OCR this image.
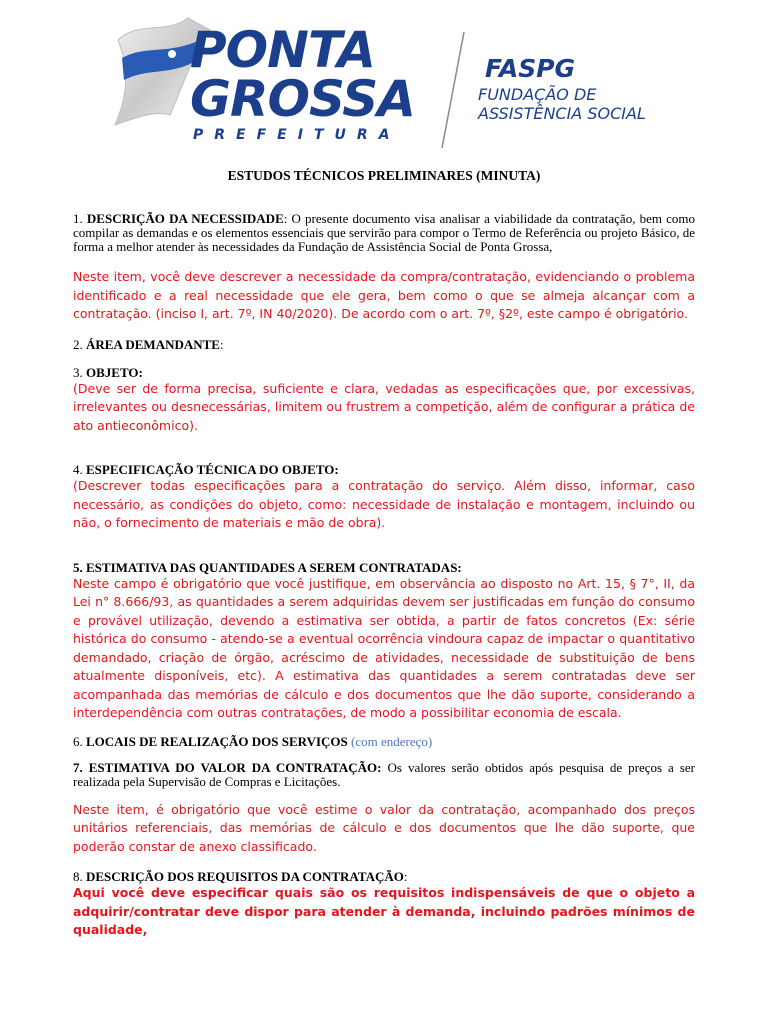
PONTA
GROSSA
PREFEITURA
FASPG
FUNDAÇÃO DE
ASSISTÊNCIA SOCIAL
ESTUDOS TÉCNICOS PRELIMINARES (MINUTA)
1. DESCRIÇÃO DA NECESSIDADE: O presente documento visa analisar a viabilidade da contratação, bem como compilar as demandas e os elementos essenciais que servirão para compor o Termo de Referência ou projeto Básico, de forma a melhor atender às necessidades da Fundação de Assistência Social de Ponta Grossa,
Neste item, você deve descrever a necessidade da compra/contratação, evidenciando o problema identificado e a real necessidade que ele gera, bem como o que se almeja alcançar com a contratação. (inciso I, art. 7º, IN 40/2020). De acordo com o art. 7º, §2º, este campo é obrigatório.
2. ÁREA DEMANDANTE:
3. OBJETO:
(Deve ser de forma precisa, suficiente e clara, vedadas as especificações que, por excessivas, irrelevantes ou desnecessárias, limitem ou frustrem a competição, além de configurar a prática de ato antieconômico).
4. ESPECIFICAÇÃO TÉCNICA DO OBJETO:
(Descrever todas especificações para a contratação do serviço. Além disso, informar, caso necessário, as condições do objeto, como: necessidade de instalação e montagem, incluindo ou não, o fornecimento de materiais e mão de obra).
5. ESTIMATIVA DAS QUANTIDADES A SEREM CONTRATADAS:
Neste campo é obrigatório que você justifique, em observância ao disposto no Art. 15, § 7°, II, da Lei n° 8.666/93, as quantidades a serem adquiridas devem ser justificadas em função do consumo e provável utilização, devendo a estimativa ser obtida, a partir de fatos concretos (Ex: série histórica do consumo - atendo-se a eventual ocorrência vindoura capaz de impactar o quantitativo demandado, criação de órgão, acréscimo de atividades, necessidade de substituição de bens atualmente disponíveis, etc). A estimativa das quantidades a serem contratadas deve ser acompanhada das memórias de cálculo e dos documentos que lhe dão suporte, considerando a interdependência com outras contratações, de modo a possibilitar economia de escala.
6. LOCAIS DE REALIZAÇÃO DOS SERVIÇOS (com endereço)
7. ESTIMATIVA DO VALOR DA CONTRATAÇÃO: Os valores serão obtidos após pesquisa de preços a ser realizada pela Supervisão de Compras e Licitações.
Neste item, é obrigatório que você estime o valor da contratação, acompanhado dos preços unitários referenciais, das memórias de cálculo e dos documentos que lhe dão suporte, que poderão constar de anexo classificado.
8. DESCRIÇÃO DOS REQUISITOS DA CONTRATAÇÃO:
Aqui você deve especificar quais são os requisitos indispensáveis de que o objeto a adquirir/contratar deve dispor para atender à demanda, incluindo padrões mínimos de qualidade,
